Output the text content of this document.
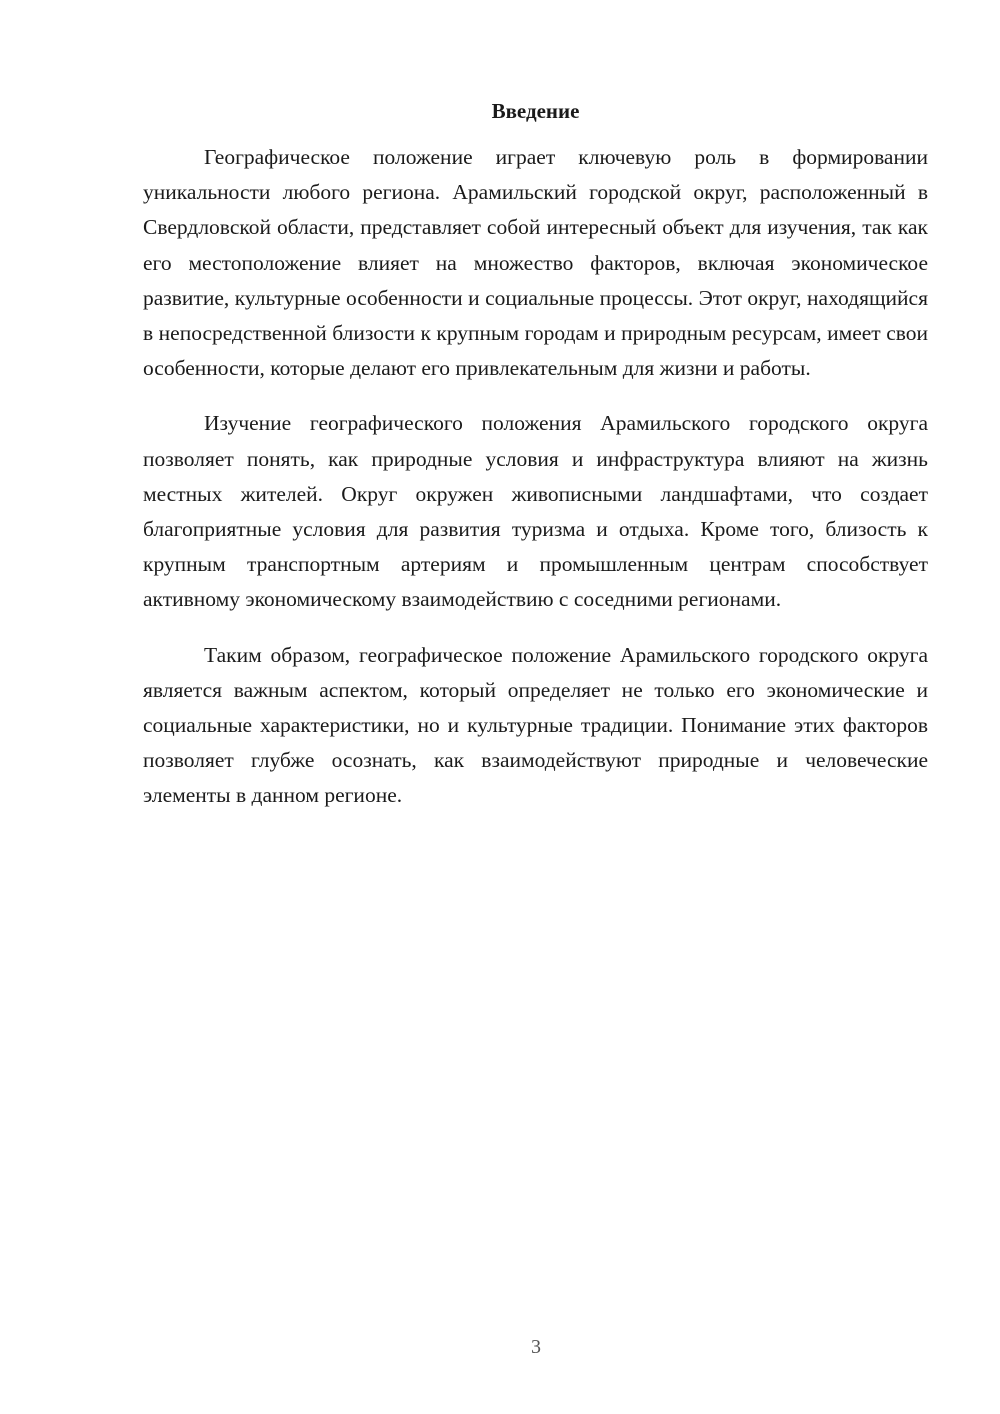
Введение

Географическое положение играет ключевую роль в формировании уникальности любого региона. Арамильский городской округ, расположенный в Свердловской области, представляет собой интересный объект для изучения, так как его местоположение влияет на множество факторов, включая экономическое развитие, культурные особенности и социальные процессы. Этот округ, находящийся в непосредственной близости к крупным городам и природным ресурсам, имеет свои особенности, которые делают его привлекательным для жизни и работы.

Изучение географического положения Арамильского городского округа позволяет понять, как природные условия и инфраструктура влияют на жизнь местных жителей. Округ окружен живописными ландшафтами, что создает благоприятные условия для развития туризма и отдыха. Кроме того, близость к крупным транспортным артериям и промышленным центрам способствует активному экономическому взаимодействию с соседними регионами.

Таким образом, географическое положение Арамильского городского округа является важным аспектом, который определяет не только его экономические и социальные характеристики, но и культурные традиции. Понимание этих факторов позволяет глубже осознать, как взаимодействуют природные и человеческие элементы в данном регионе.

3
